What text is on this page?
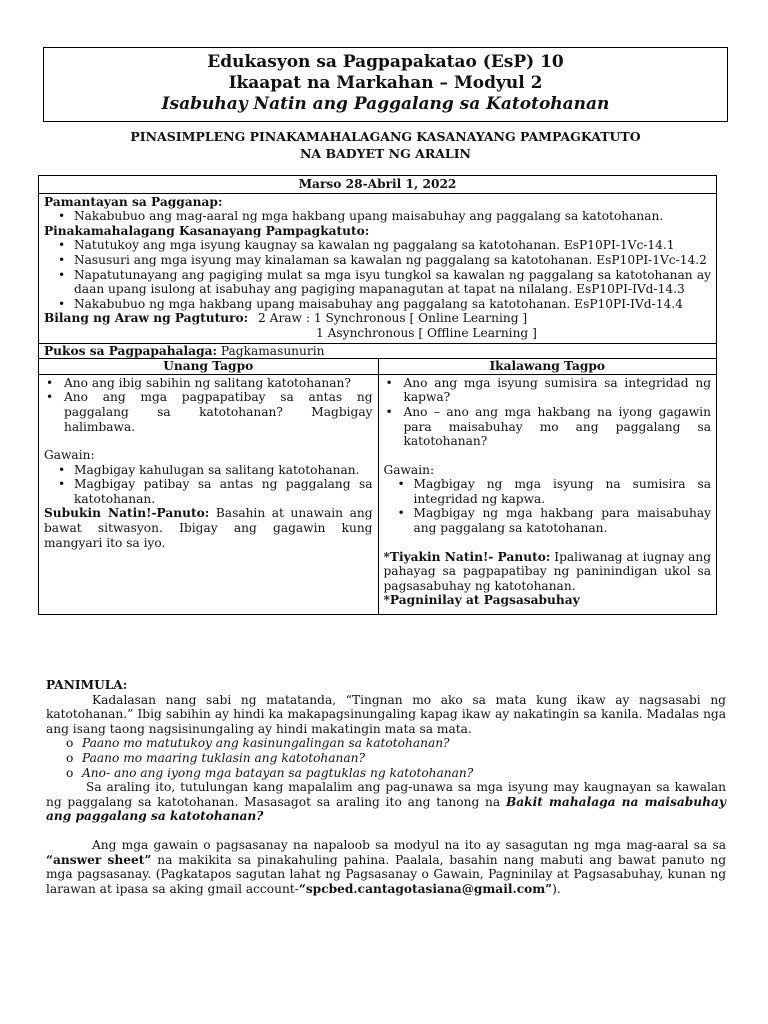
Edukasyon sa Pagpapakatao (EsP) 10
Ikaapat na Markahan – Modyul 2
Isabuhay Natin ang Paggalang sa Katotohanan
PINASIMPLENG PINAKAMAHALAGANG KASANAYANG PAMPAGKATUTO
NA BADYET NG ARALIN
Marso 28-Abril 1, 2022
Pamantayan sa Pagganap:
• Nakabubuo ang mag-aaral ng mga hakbang upang maisabuhay ang paggalang sa katotohanan.
Pinakamahalagang Kasanayang Pampagkatuto:
• Natutukoy ang mga isyung kaugnay sa kawalan ng paggalang sa katotohanan. EsP10PI-1Vc-14.1
• Nasusuri ang mga isyung may kinalaman sa kawalan ng paggalang sa katotohanan. EsP10PI-1Vc-14.2
• Napatutunayang ang pagiging mulat sa mga isyu tungkol sa kawalan ng paggalang sa katotohanan ay daan upang isulong at isabuhay ang pagiging mapanagutan at tapat na nilalang. EsP10PI-IVd-14.3
• Nakabubuo ng mga hakbang upang maisabuhay ang paggalang sa katotohanan. EsP10PI-IVd-14.4
Bilang ng Araw ng Pagtuturo: 2 Araw : 1 Synchronous [ Online Learning ]
1 Asynchronous [ Offline Learning ]
Pukos sa Pagpapahalaga: Pagkamasunurin
Unang Tagpo
• Ano ang ibig sabihin ng salitang katotohanan?
• Ano ang mga pagpapatibay sa antas ng paggalang sa katotohanan? Magbigay halimbawa.
Gawain:
• Magbigay kahulugan sa salitang katotohanan.
• Magbigay patibay sa antas ng paggalang sa katotohanan.
Subukin Natin!-Panuto: Basahin at unawain ang bawat sitwasyon. Ibigay ang gagawin kung mangyari ito sa iyo.
Ikalawang Tagpo
• Ano ang mga isyung sumisira sa integridad ng kapwa?
• Ano – ano ang mga hakbang na iyong gagawin para maisabuhay mo ang paggalang sa katotohanan?
Gawain:
• Magbigay ng mga isyung na sumisira sa integridad ng kapwa.
• Magbigay ng mga hakbang para maisabuhay ang paggalang sa katotohanan.
*Tiyakin Natin!- Panuto: Ipaliwanag at iugnay ang pahayag sa pagpapatibay ng paninindigan ukol sa pagsasabuhay ng katotohanan.
*Pagninilay at Pagsasabuhay
PANIMULA:

Kadalasan nang sabi ng matatanda, “Tingnan mo ako sa mata kung ikaw ay nagsasabi ng katotohanan.” Ibig sabihin ay hindi ka makapagsinungaling kapag ikaw ay nakatingin sa kanila. Madalas nga ang isang taong nagsisinungaling ay hindi makatingin mata sa mata.

o Paano mo matutukoy ang kasinungalingan sa katotohanan?
o Paano mo maaring tuklasin ang katotohanan?
o Ano- ano ang iyong mga batayan sa pagtuklas ng katotohanan?

Sa araling ito, tutulungan kang mapalalim ang pag-unawa sa mga isyung may kaugnayan sa kawalan ng paggalang sa katotohanan. Masasagot sa araling ito ang tanong na Bakit mahalaga na maisabuhay ang paggalang sa katotohanan?

Ang mga gawain o pagsasanay na napaloob sa modyul na ito ay sasagutan ng mga mag-aaral sa sa “answer sheet” na makikita sa pinakahuling pahina. Paalala, basahin nang mabuti ang bawat panuto ng mga pagsasanay. (Pagkatapos sagutan lahat ng Pagsasanay o Gawain, Pagninilay at Pagsasabuhay, kunan ng larawan at ipasa sa aking gmail account-“spcbed.cantagotasiana@gmail.com”).
